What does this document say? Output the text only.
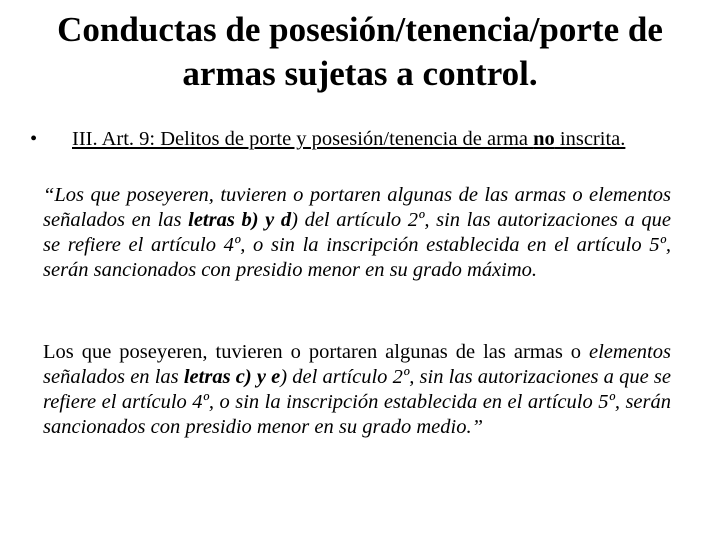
Conductas de posesión/tenencia/porte de
armas sujetas a control.
•	III. Art. 9: Delitos de porte y posesión/tenencia de arma no inscrita.
“Los que poseyeren, tuvieren o portaren algunas de las armas o elementos señalados en las letras b) y d) del artículo 2º, sin las autorizaciones a que se refiere el artículo 4º, o sin la inscripción establecida en el artículo 5º, serán sancionados con presidio menor en su grado máximo.
Los que poseyeren, tuvieren o portaren algunas de las armas o elementos señalados en las letras c) y e) del artículo 2º, sin las autorizaciones a que se refiere el artículo 4º, o sin la inscripción establecida en el artículo 5º, serán sancionados con presidio menor en su grado medio.”
